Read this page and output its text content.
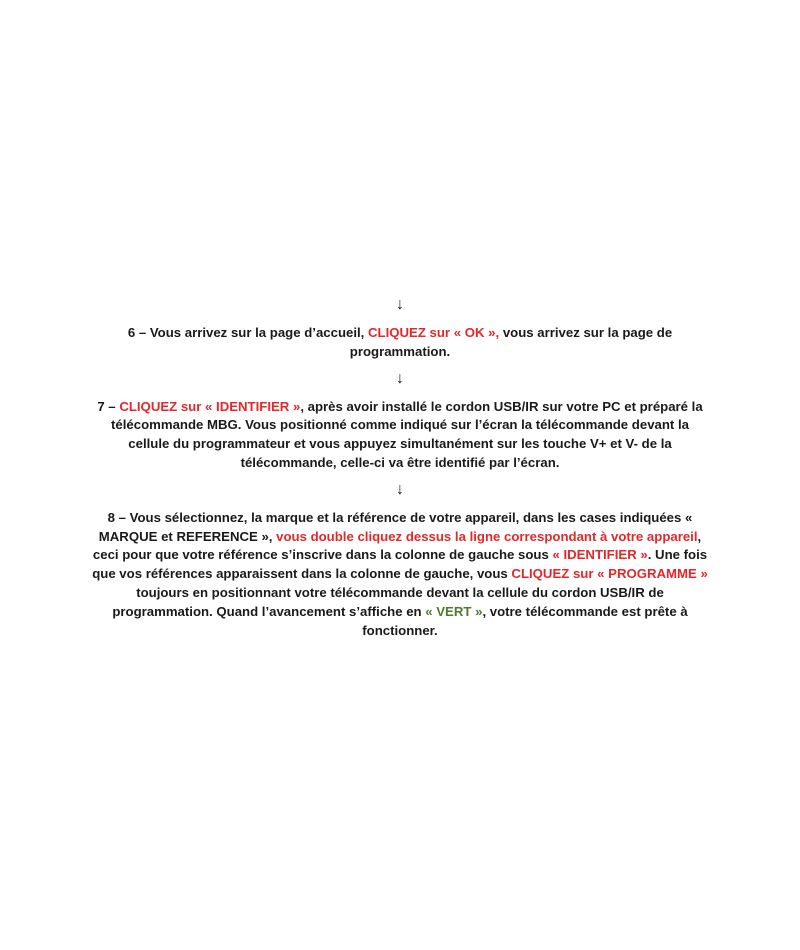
↓

6 – Vous arrivez sur la page d’accueil, CLIQUEZ sur « OK », vous arrivez sur la page de programmation.

↓

7 – CLIQUEZ sur « IDENTIFIER », après avoir installé le cordon USB/IR sur votre PC et préparé la télécommande MBG. Vous positionné comme indiqué sur l’écran la télécommande devant la cellule du programmateur et vous appuyez simultanément sur les touche V+ et V- de la télécommande, celle-ci va être identifié par l’écran.

↓

8 – Vous sélectionnez, la marque et la référence de votre appareil, dans les cases indiquées « MARQUE et REFERENCE », vous double cliquez dessus la ligne correspondant à votre appareil, ceci pour que votre référence s’inscrive dans la colonne de gauche sous « IDENTIFIER ». Une fois que vos références apparaissent dans la colonne de gauche, vous CLIQUEZ sur « PROGRAMME » toujours en positionnant votre télécommande devant la cellule du cordon USB/IR de programmation. Quand l’avancement s’affiche en « VERT », votre télécommande est prête à fonctionner.
